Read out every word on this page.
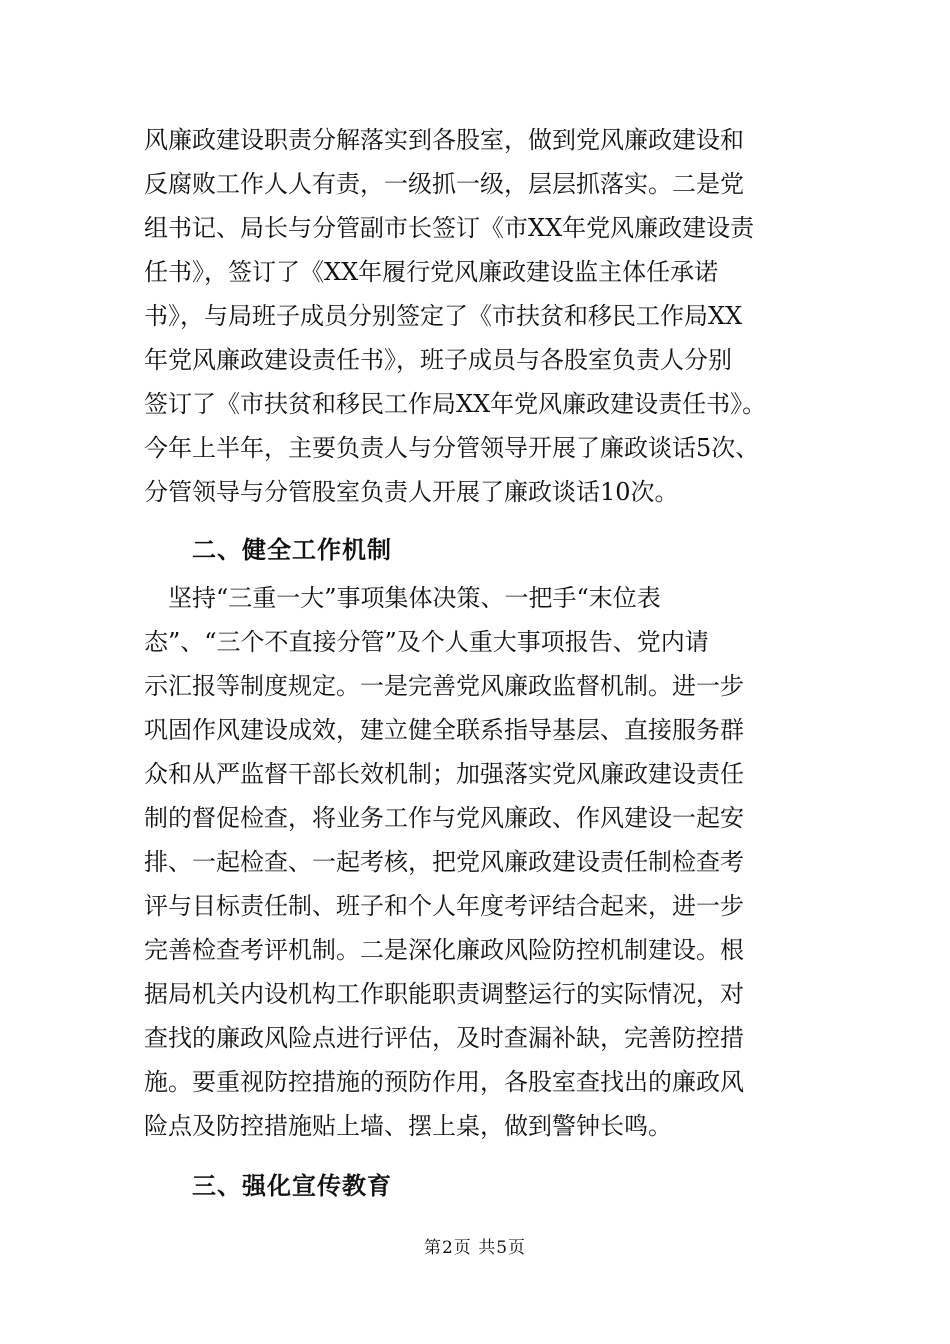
风廉政建设职责分解落实到各股室，做到党风廉政建设和
反腐败工作人人有责，一级抓一级，层层抓落实。二是党
组书记、局长与分管副市长签订《市XX年党风廉政建设责
任书》，签订了《XX年履行党风廉政建设监主体任承诺
书》，与局班子成员分别签定了《市扶贫和移民工作局XX
年党风廉政建设责任书》，班子成员与各股室负责人分别
签订了《市扶贫和移民工作局XX年党风廉政建设责任书》。
今年上半年，主要负责人与分管领导开展了廉政谈话5次、
分管领导与分管股室负责人开展了廉政谈话10次。
二、健全工作机制
　坚持“三重一大”事项集体决策、一把手“末位表
态”、“三个不直接分管”及个人重大事项报告、党内请
示汇报等制度规定。一是完善党风廉政监督机制。进一步
巩固作风建设成效，建立健全联系指导基层、直接服务群
众和从严监督干部长效机制；加强落实党风廉政建设责任
制的督促检查，将业务工作与党风廉政、作风建设一起安
排、一起检查、一起考核，把党风廉政建设责任制检查考
评与目标责任制、班子和个人年度考评结合起来，进一步
完善检查考评机制。二是深化廉政风险防控机制建设。根
据局机关内设机构工作职能职责调整运行的实际情况，对
查找的廉政风险点进行评估，及时查漏补缺，完善防控措
施。要重视防控措施的预防作用，各股室查找出的廉政风
险点及防控措施贴上墙、摆上桌，做到警钟长鸣。
三、强化宣传教育
第2页 共5页
